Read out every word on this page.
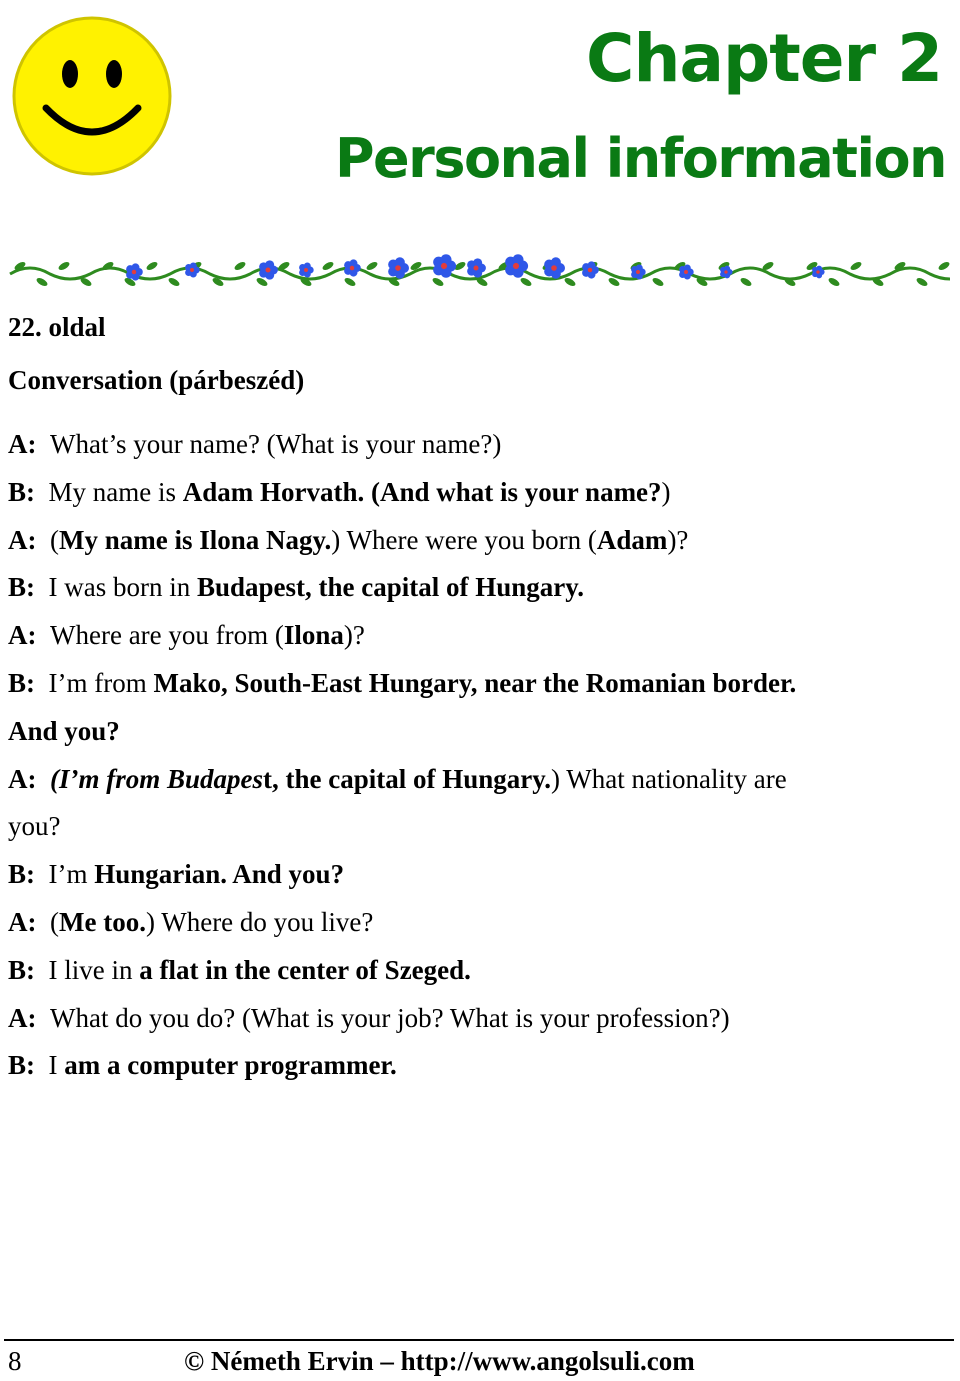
Chapter 2
Personal information

22. oldal

Conversation (párbeszéd)

A: What’s your name? (What is your name?)
B: My name is Adam Horvath. (And what is your name?)
A: (My name is Ilona Nagy.) Where were you born (Adam)?
B: I was born in Budapest, the capital of Hungary.
A: Where are you from (Ilona)?
B: I’m from Mako, South-East Hungary, near the Romanian border.
And you?
A: (I’m from Budapest, the capital of Hungary.) What nationality are
you?
B: I’m Hungarian. And you?
A: (Me too.) Where do you live?
B: I live in a flat in the center of Szeged.
A: What do you do? (What is your job? What is your profession?)
B: I am a computer programmer.
8	© Németh Ervin – http://www.angolsuli.com
